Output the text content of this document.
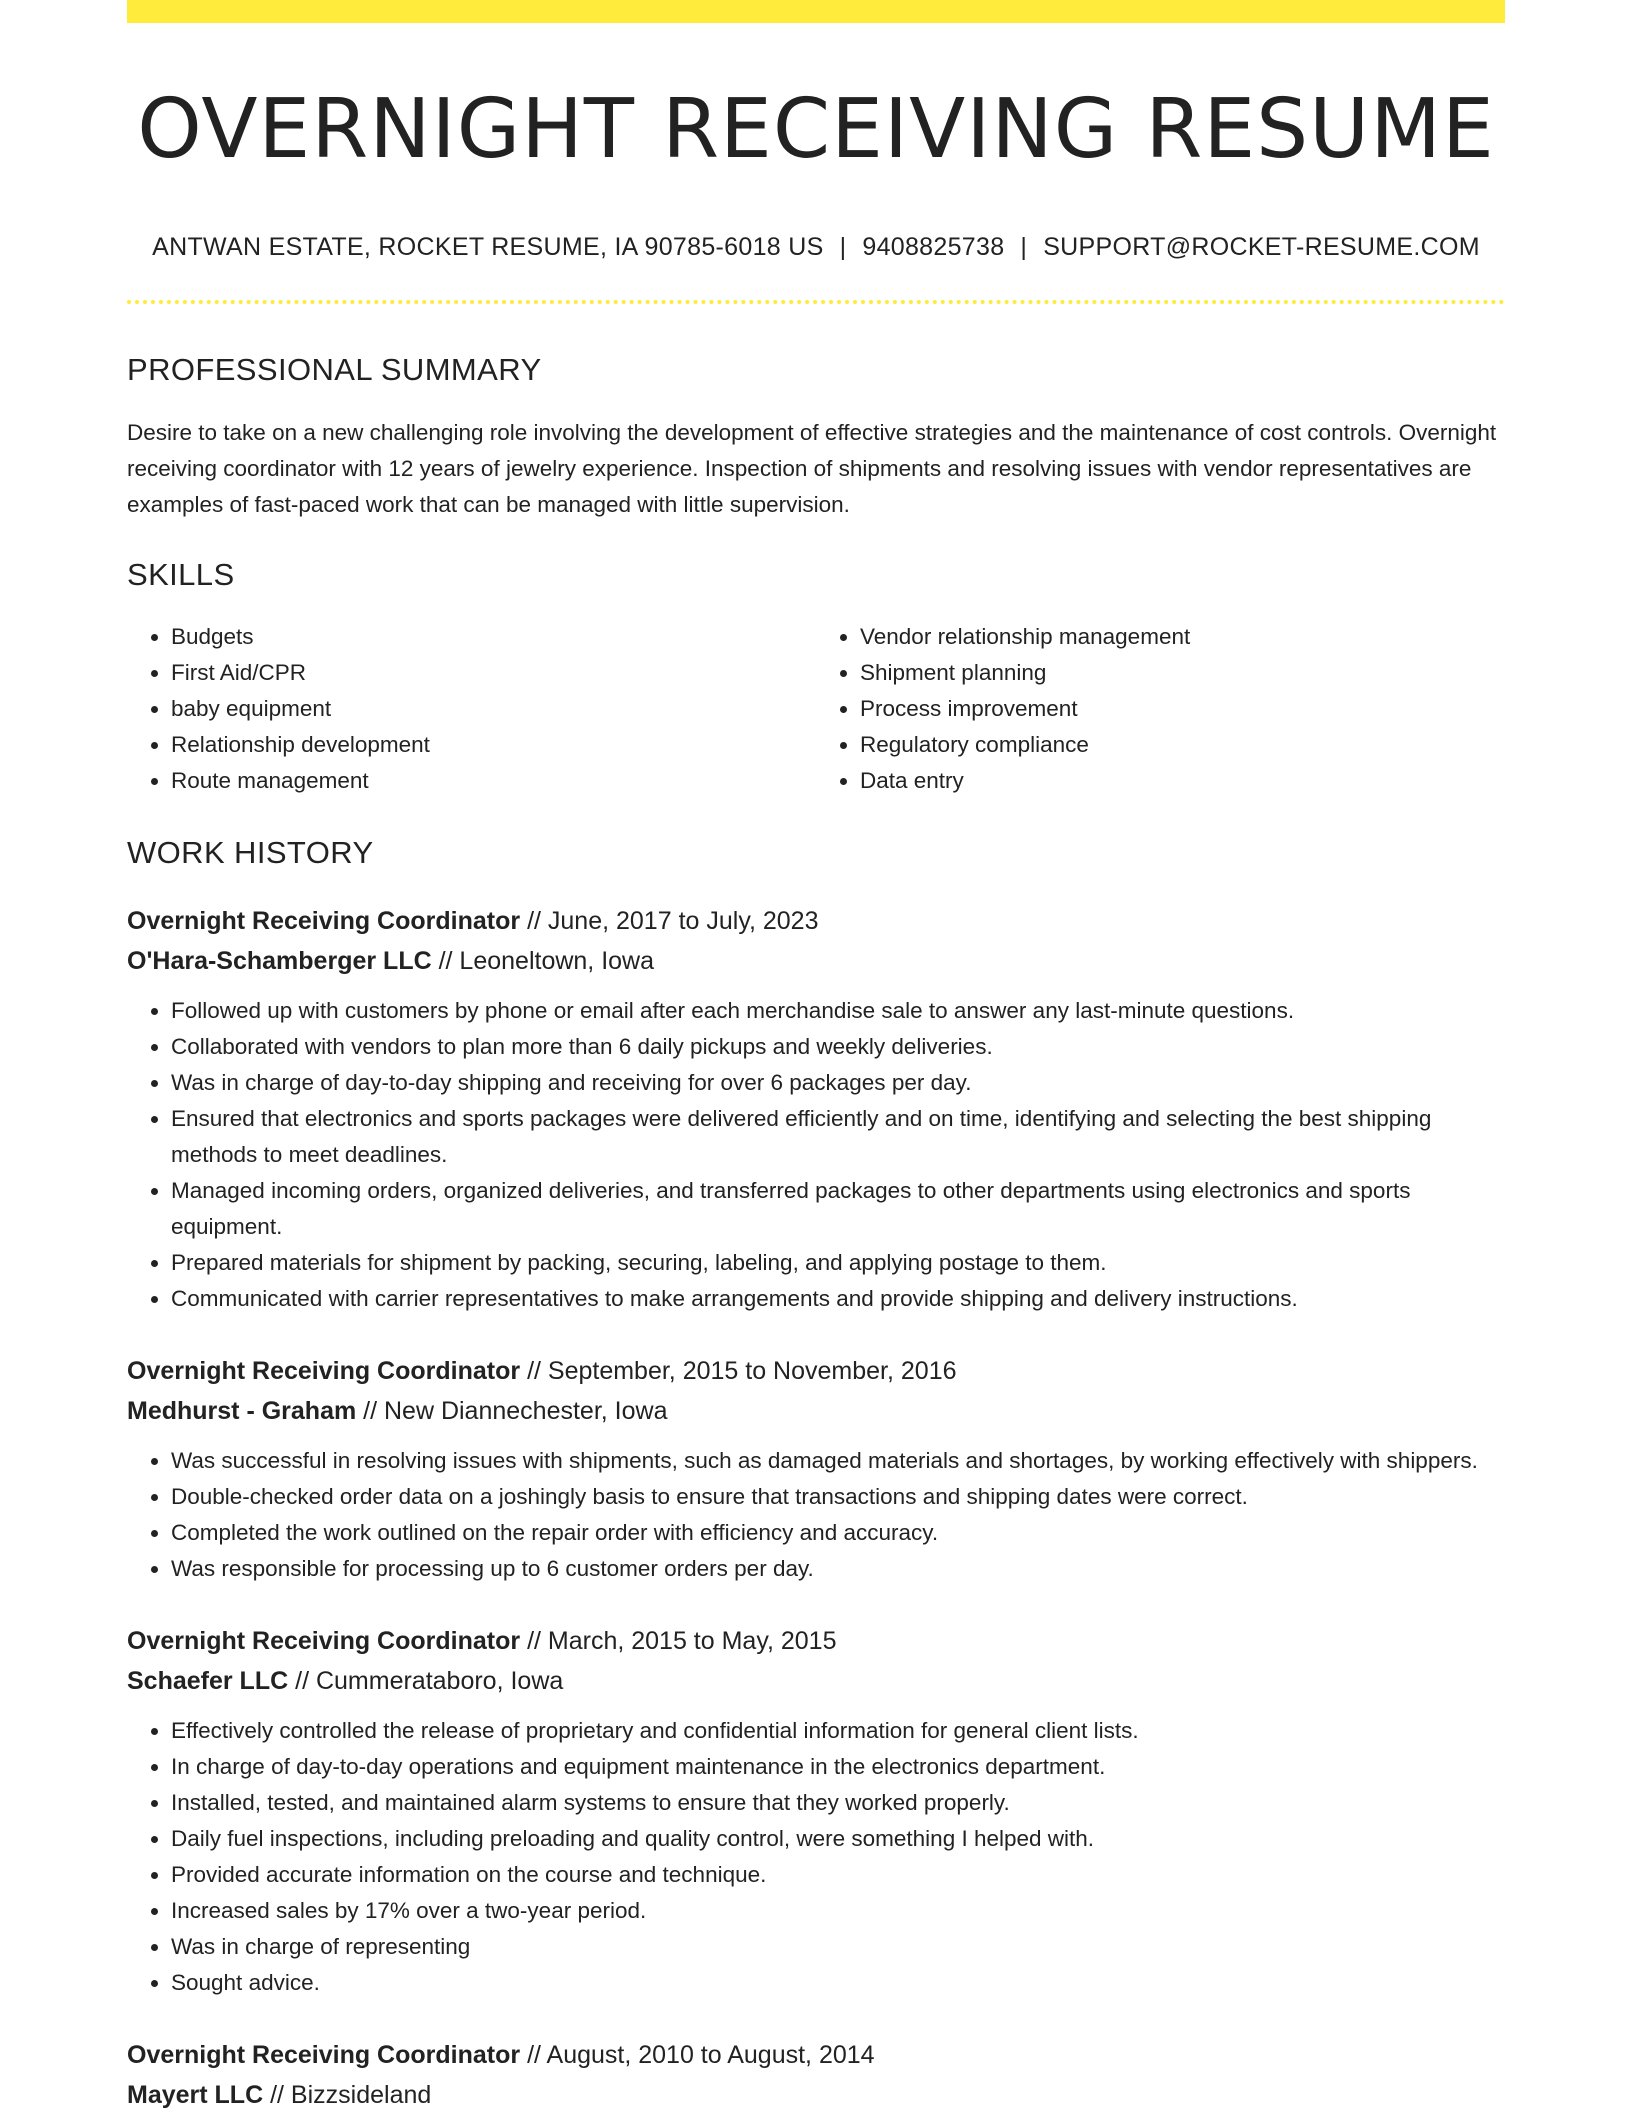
OVERNIGHT RECEIVING RESUME
ANTWAN ESTATE, ROCKET RESUME, IA 90785-6018 US | 9408825738 | SUPPORT@ROCKET-RESUME.COM
PROFESSIONAL SUMMARY
Desire to take on a new challenging role involving the development of effective strategies and the maintenance of cost controls. Overnight receiving coordinator with 12 years of jewelry experience. Inspection of shipments and resolving issues with vendor representatives are examples of fast-paced work that can be managed with little supervision.
SKILLS
• Budgets
• First Aid/CPR
• baby equipment
• Relationship development
• Route management
• Vendor relationship management
• Shipment planning
• Process improvement
• Regulatory compliance
• Data entry
WORK HISTORY
Overnight Receiving Coordinator // June, 2017 to July, 2023
O'Hara-Schamberger LLC // Leoneltown, Iowa
• Followed up with customers by phone or email after each merchandise sale to answer any last-minute questions.
• Collaborated with vendors to plan more than 6 daily pickups and weekly deliveries.
• Was in charge of day-to-day shipping and receiving for over 6 packages per day.
• Ensured that electronics and sports packages were delivered efficiently and on time, identifying and selecting the best shipping methods to meet deadlines.
• Managed incoming orders, organized deliveries, and transferred packages to other departments using electronics and sports equipment.
• Prepared materials for shipment by packing, securing, labeling, and applying postage to them.
• Communicated with carrier representatives to make arrangements and provide shipping and delivery instructions.
Overnight Receiving Coordinator // September, 2015 to November, 2016
Medhurst - Graham // New Diannechester, Iowa
• Was successful in resolving issues with shipments, such as damaged materials and shortages, by working effectively with shippers.
• Double-checked order data on a joshingly basis to ensure that transactions and shipping dates were correct.
• Completed the work outlined on the repair order with efficiency and accuracy.
• Was responsible for processing up to 6 customer orders per day.
Overnight Receiving Coordinator // March, 2015 to May, 2015
Schaefer LLC // Cummerataboro, Iowa
• Effectively controlled the release of proprietary and confidential information for general client lists.
• In charge of day-to-day operations and equipment maintenance in the electronics department.
• Installed, tested, and maintained alarm systems to ensure that they worked properly.
• Daily fuel inspections, including preloading and quality control, were something I helped with.
• Provided accurate information on the course and technique.
• Increased sales by 17% over a two-year period.
• Was in charge of representing
• Sought advice.
Overnight Receiving Coordinator // August, 2010 to August, 2014
Mayert LLC // Bizzsideland
